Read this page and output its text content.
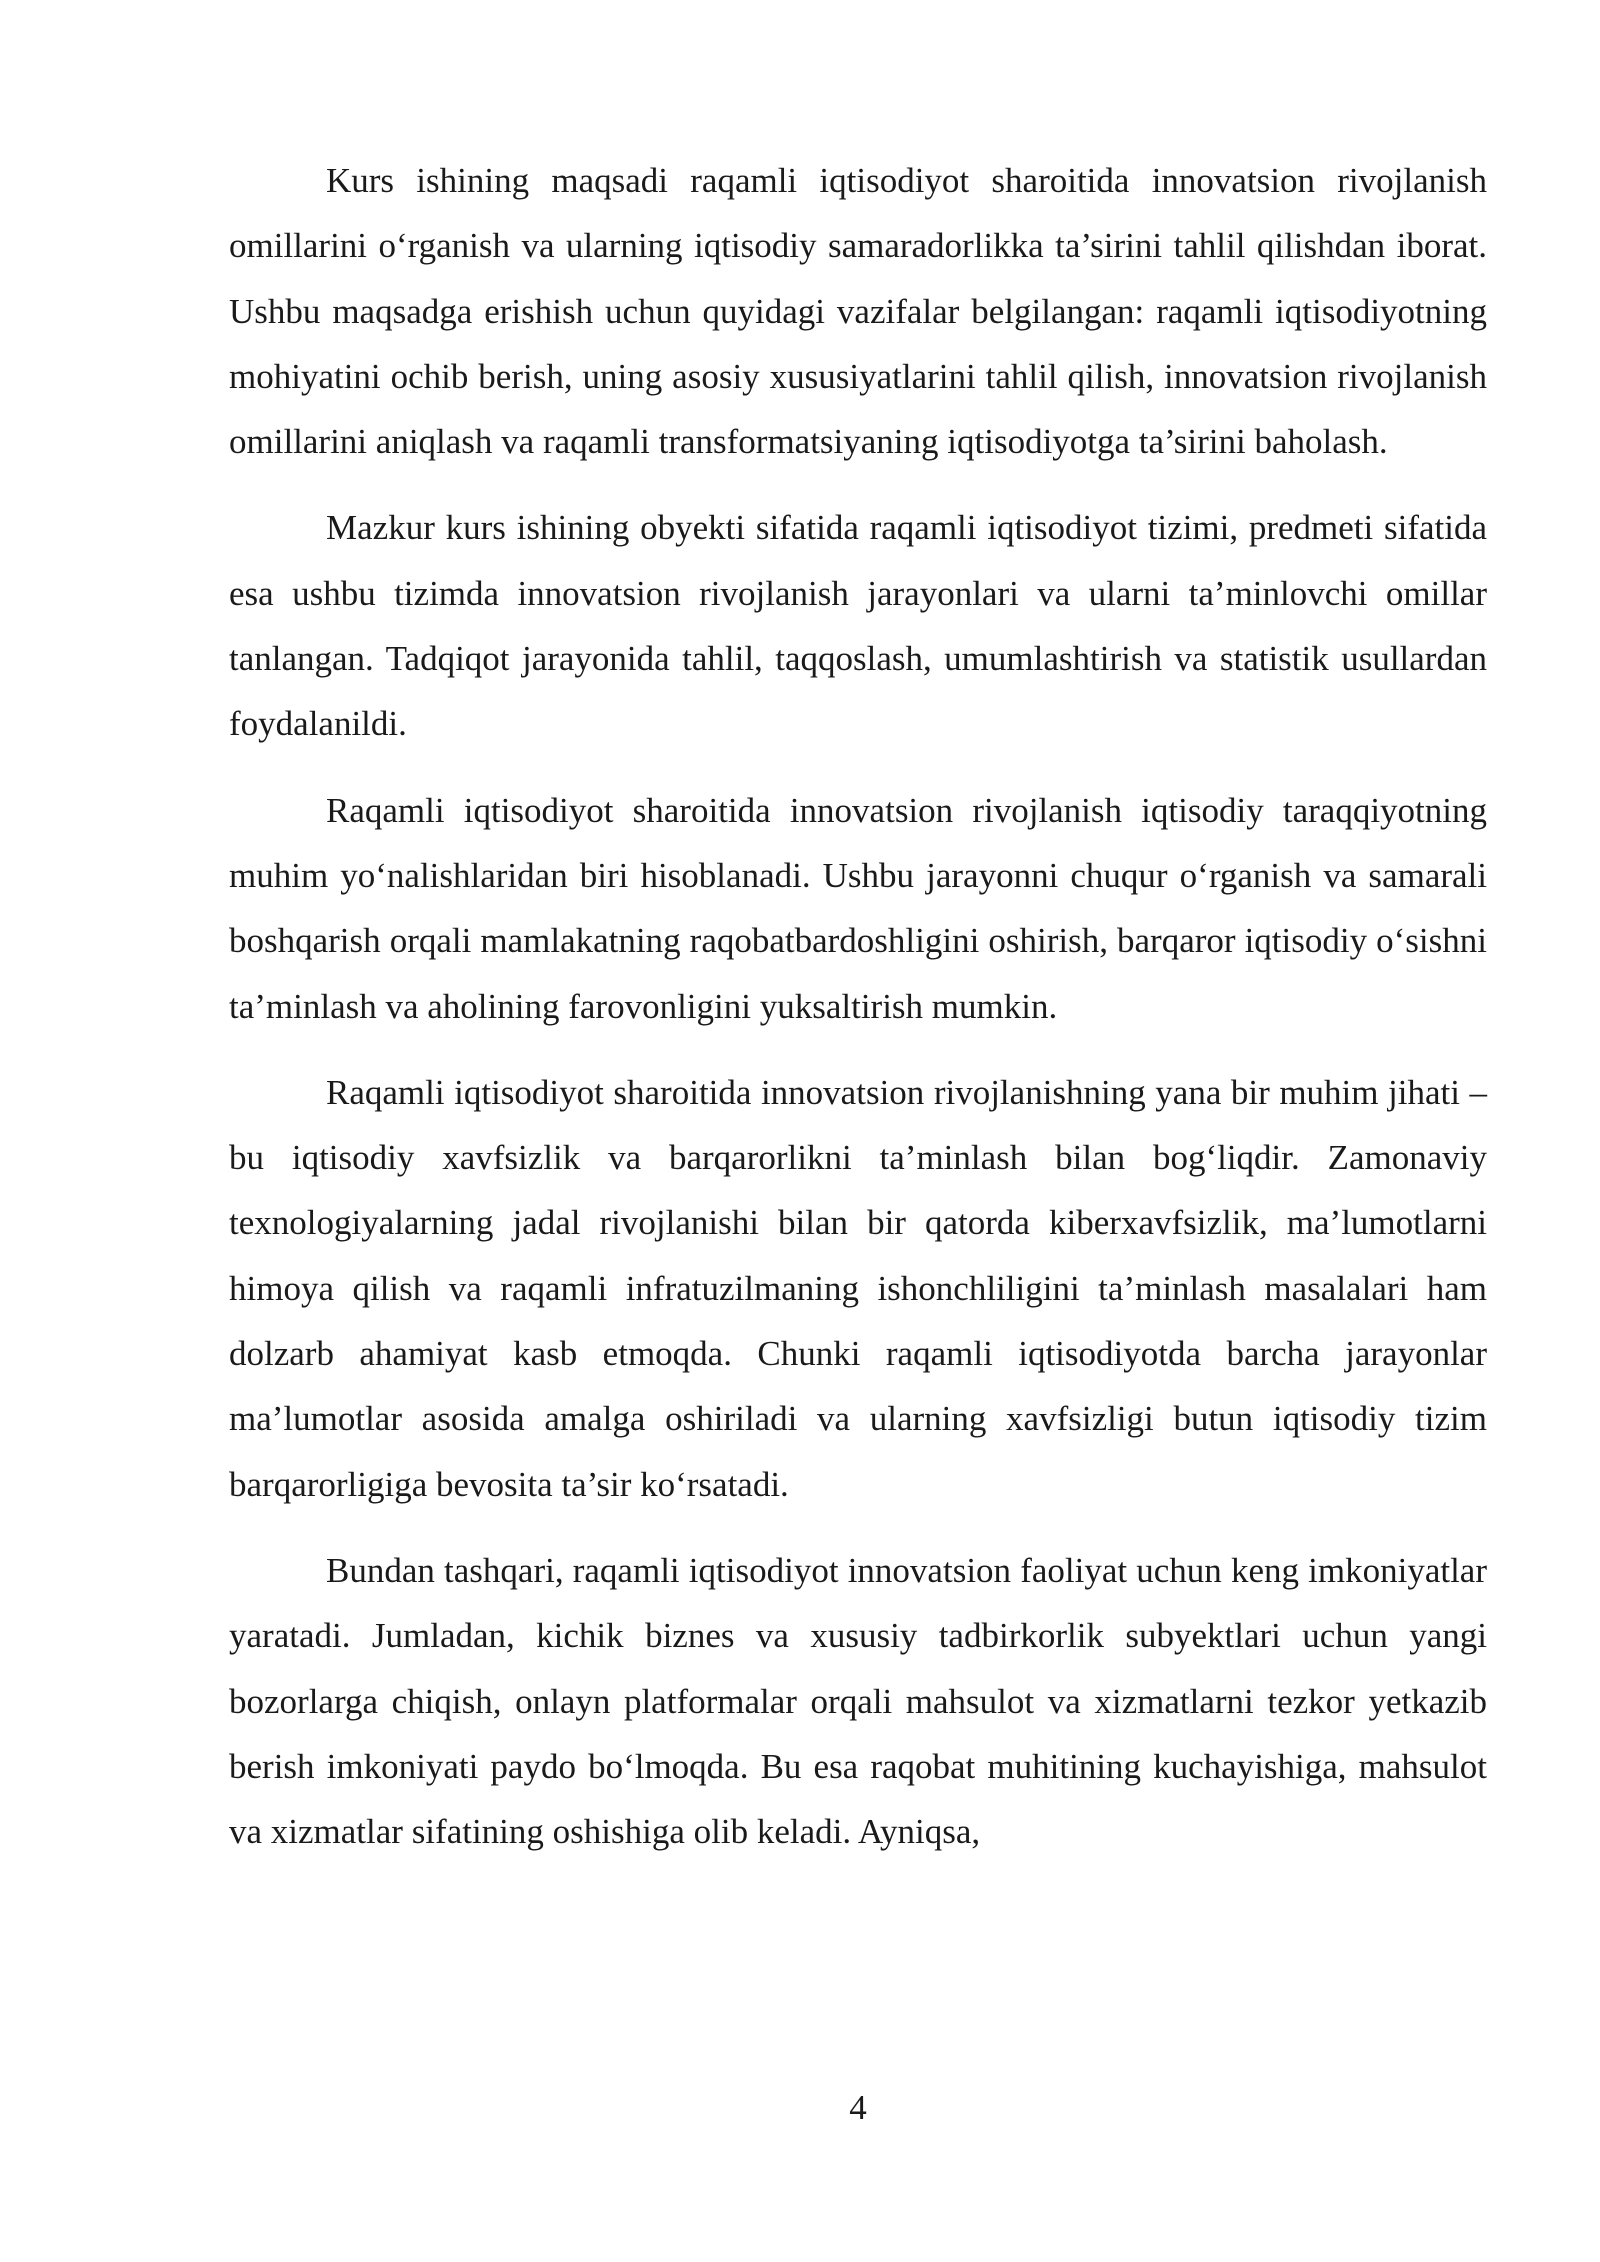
Kurs ishining maqsadi raqamli iqtisodiyot sharoitida innovatsion rivojlanish omillarini o‘rganish va ularning iqtisodiy samaradorlikka ta’sirini tahlil qilishdan iborat. Ushbu maqsadga erishish uchun quyidagi vazifalar belgilangan: raqamli iqtisodiyotning mohiyatini ochib berish, uning asosiy xususiyatlarini tahlil qilish, innovatsion rivojlanish omillarini aniqlash va raqamli transformatsiyaning iqtisodiyotga ta’sirini baholash.

Mazkur kurs ishining obyekti sifatida raqamli iqtisodiyot tizimi, predmeti sifatida esa ushbu tizimda innovatsion rivojlanish jarayonlari va ularni ta’minlovchi omillar tanlangan. Tadqiqot jarayonida tahlil, taqqoslash, umumlashtirish va statistik usullardan foydalanildi.

Raqamli iqtisodiyot sharoitida innovatsion rivojlanish iqtisodiy taraqqiyotning muhim yo‘nalishlaridan biri hisoblanadi. Ushbu jarayonni chuqur o‘rganish va samarali boshqarish orqali mamlakatning raqobatbardoshligini oshirish, barqaror iqtisodiy o‘sishni ta’minlash va aholining farovonligini yuksaltirish mumkin.

Raqamli iqtisodiyot sharoitida innovatsion rivojlanishning yana bir muhim jihati – bu iqtisodiy xavfsizlik va barqarorlikni ta’minlash bilan bog‘liqdir. Zamonaviy texnologiyalarning jadal rivojlanishi bilan bir qatorda kiberxavfsizlik, ma’lumotlarni himoya qilish va raqamli infratuzilmaning ishonchliligini ta’minlash masalalari ham dolzarb ahamiyat kasb etmoqda. Chunki raqamli iqtisodiyotda barcha jarayonlar ma’lumotlar asosida amalga oshiriladi va ularning xavfsizligi butun iqtisodiy tizim barqarorligiga bevosita ta’sir ko‘rsatadi.

Bundan tashqari, raqamli iqtisodiyot innovatsion faoliyat uchun keng imkoniyatlar yaratadi. Jumladan, kichik biznes va xususiy tadbirkorlik subyektlari uchun yangi bozorlarga chiqish, onlayn platformalar orqali mahsulot va xizmatlarni tezkor yetkazib berish imkoniyati paydo bo‘lmoqda. Bu esa raqobat muhitining kuchayishiga, mahsulot va xizmatlar sifatining oshishiga olib keladi. Ayniqsa,

4
